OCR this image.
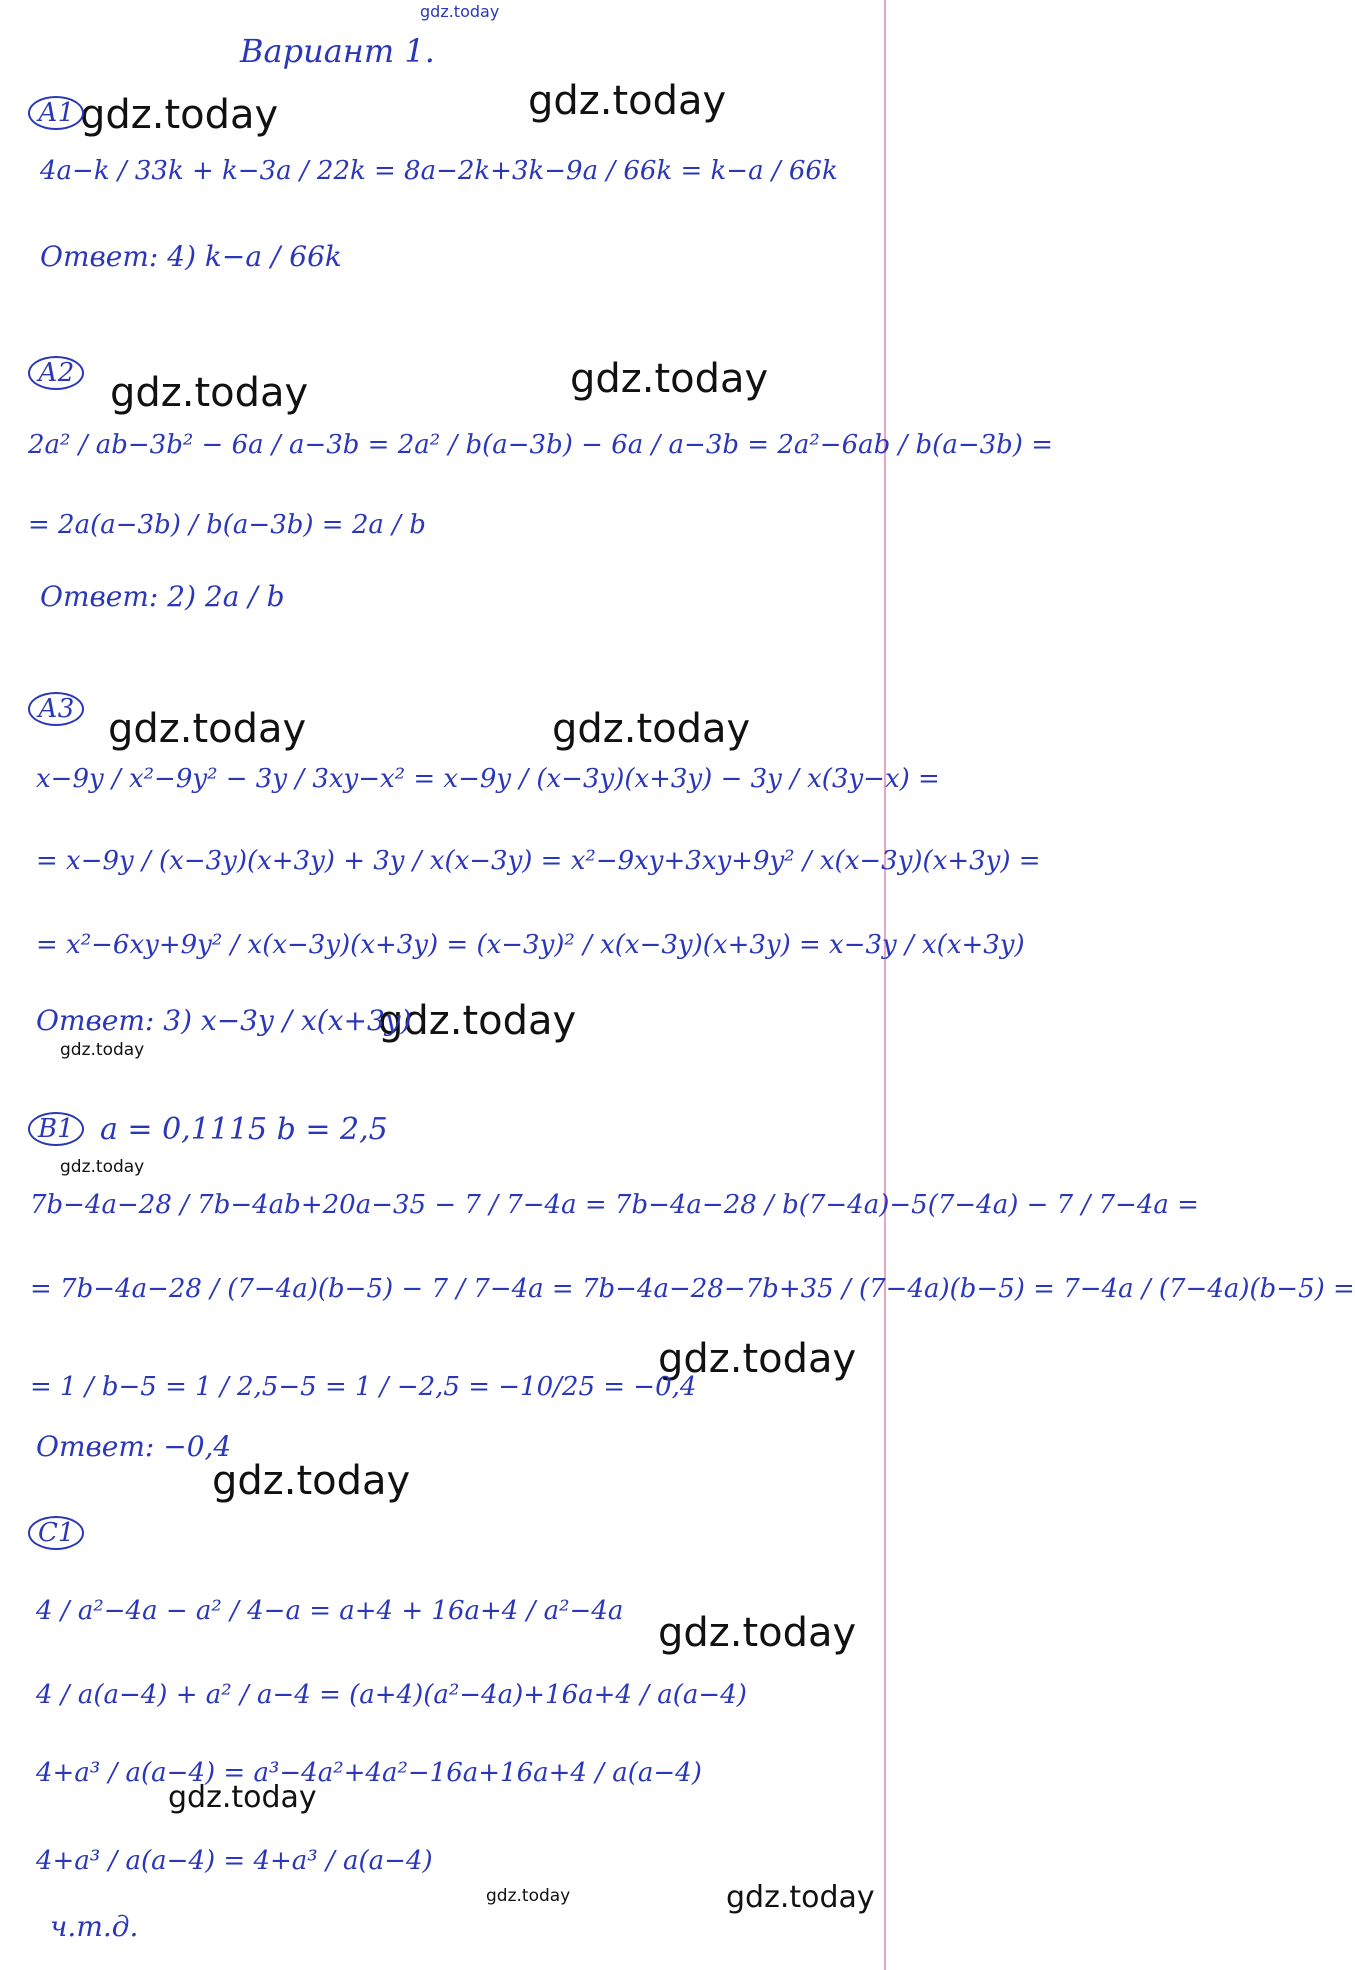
gdz.today
gdz.today	gdz.today
gdz.today	gdz.today
gdz.today	gdz.today
gdz.today
gdz.today
gdz.today
gdz.today
gdz.today
gdz.today
gdz.today
gdz.today	gdz.today
Вариант 1.
А1
4a−k / 33k + k−3a / 22k = 8a−2k+3k−9a / 66k = k−a / 66k
Ответ: 4) k−a / 66k
А2
2a² / ab−3b² − 6a / a−3b = 2a² / b(a−3b) − 6a / a−3b = 2a²−6ab / b(a−3b) =
= 2a(a−3b) / b(a−3b) = 2a / b
Ответ: 2) 2a / b
А3
x−9y / x²−9y² − 3y / 3xy−x² = x−9y / (x−3y)(x+3y) − 3y / x(3y−x) =
= x−9y / (x−3y)(x+3y) + 3y / x(x−3y) = x²−9xy+3xy+9y² / x(x−3y)(x+3y) =
= x²−6xy+9y² / x(x−3y)(x+3y) = (x−3y)² / x(x−3y)(x+3y) = x−3y / x(x+3y)
Ответ: 3) x−3y / x(x+3y)
В1 a = 0,1115 b = 2,5
7b−4a−28 / 7b−4ab+20a−35 − 7 / 7−4a = 7b−4a−28 / b(7−4a)−5(7−4a) − 7 / 7−4a =
= 7b−4a−28 / (7−4a)(b−5) − 7 / 7−4a = 7b−4a−28−7b+35 / (7−4a)(b−5) = 7−4a / (7−4a)(b−5) =
= 1 / b−5 = 1 / 2,5−5 = 1 / −2,5 = −10/25 = −0,4
Ответ: −0,4
С1
4 / a²−4a − a² / 4−a = a+4 + 16a+4 / a²−4a
4 / a(a−4) + a² / a−4 = (a+4)(a²−4a)+16a+4 / a(a−4)
4+a³ / a(a−4) = a³−4a²+4a²−16a+16a+4 / a(a−4)
4+a³ / a(a−4) = 4+a³ / a(a−4)
ч.т.д.
